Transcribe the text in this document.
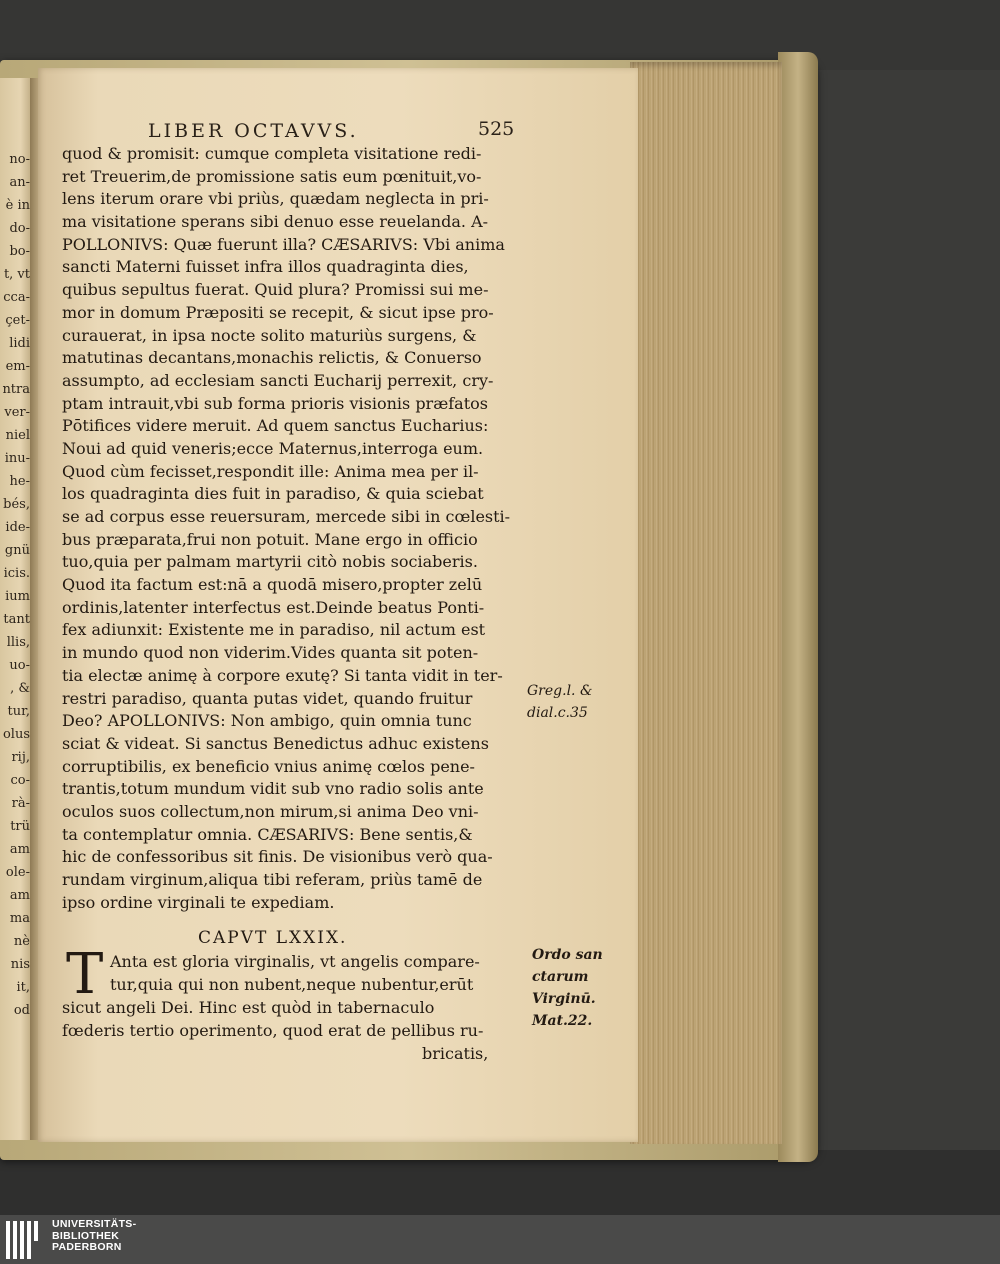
no-
an-
è in
do-
bo-
t, vt
cca-
çet-
lidi
em-
ntra
ver-
niel
inu-
he-
bés,
ide-
gnü
icis.
ium
tant
llis,
uo-
, &
tur,
olus
rij,
co-
rà-
trü
am
ole-
am
ma
nè
nis
it,
od
LIBER OCTAVVS.	525
quod & promisit: cumque completa visitatione redi-
ret Treuerim,de promissione satis eum pœnituit,vo-
lens iterum orare vbi priùs, quædam neglecta in pri-
ma visitatione sperans sibi denuo esse reuelanda. A-
POLLONIVS: Quæ fuerunt illa? CÆSARIVS: Vbi anima
sancti Materni fuisset infra illos quadraginta dies,
quibus sepultus fuerat. Quid plura? Promissi sui me-
mor in domum Præpositi se recepit, & sicut ipse pro-
curauerat, in ipsa nocte solito maturiùs surgens, &
matutinas decantans,monachis relictis, & Conuerso
assumpto, ad ecclesiam sancti Eucharij perrexit, cry-
ptam intrauit,vbi sub forma prioris visionis præfatos
Pōtifices videre meruit. Ad quem sanctus Eucharius:
Noui ad quid veneris;ecce Maternus,interroga eum.
Quod cùm fecisset,respondit ille: Anima mea per il-
los quadraginta dies fuit in paradiso, & quia sciebat
se ad corpus esse reuersuram, mercede sibi in cœlesti-
bus præparata,frui non potuit. Mane ergo in officio
tuo,quia per palmam martyrii citò nobis sociaberis.
Quod ita factum est:nā a quodā misero,propter zelū
ordinis,latenter interfectus est.Deinde beatus Ponti-
fex adiunxit: Existente me in paradiso, nil actum est
in mundo quod non viderim.Vides quanta sit poten-
tia electæ animę à corpore exutę? Si tanta vidit in ter-
restri paradiso, quanta putas videt, quando fruitur
Deo? APOLLONIVS: Non ambigo, quin omnia tunc
sciat & videat. Si sanctus Benedictus adhuc existens
corruptibilis, ex beneficio vnius animę cœlos pene-
trantis,totum mundum vidit sub vno radio solis ante
oculos suos collectum,non mirum,si anima Deo vni-
ta contemplatur omnia. CÆSARIVS: Bene sentis,&
hic de confessoribus sit finis. De visionibus verò qua-
rundam virginum,aliqua tibi referam, priùs tamē de
ipso ordine virginali te expediam.
CAPVT LXXIX.
T Anta est gloria virginalis, vt angelis compare-
tur,quia qui non nubent,neque nubentur,erūt
sicut angeli Dei. Hinc est quòd in tabernaculo
fœderis tertio operimento, quod erat de pellibus ru-
bricatis,
Greg.l. &
dial.c.35
Ordo san
ctarum
Virginū.
Mat.22.
UNIVERSITÄTS-
BIBLIOTHEK
PADERBORN
